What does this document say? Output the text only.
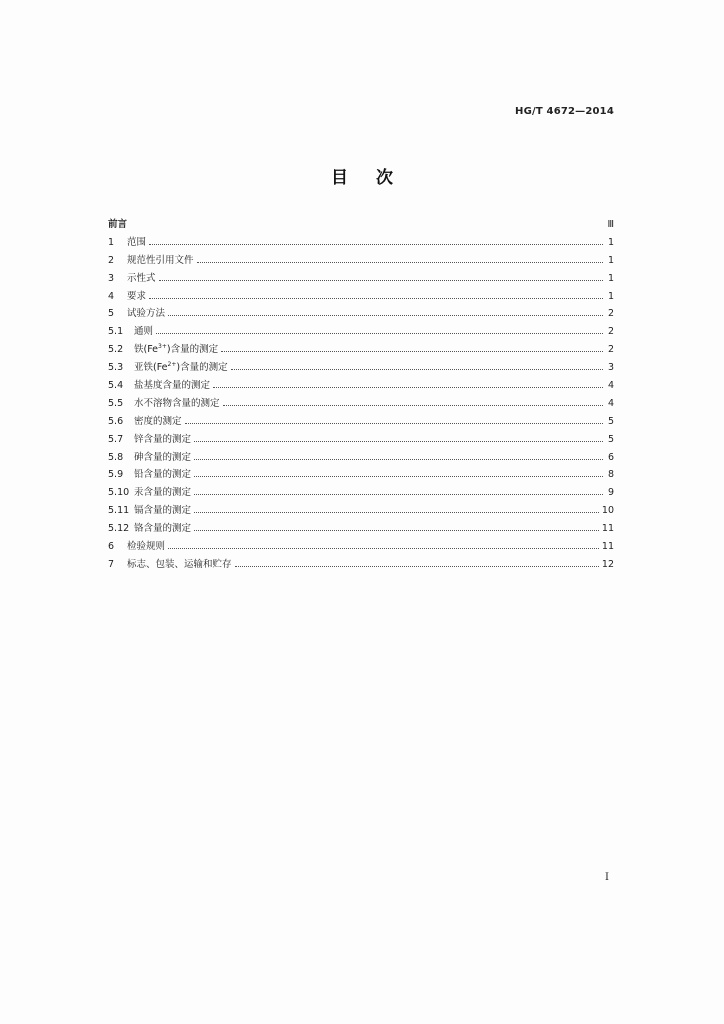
HG/T 4672—2014
目次
前言	Ⅲ
1	范围	1
2	规范性引用文件	1
3	示性式	1
4	要求	1
5	试验方法	2
5.1	通则	2
5.2	铁$(Fe^{3+})$含量的测定	2
5.3	亚铁$(Fe^{2+})$含量的测定	3
5.4	盐基度含量的测定	4
5.5	水不溶物含量的测定	4
5.6	密度的测定	5
5.7	锌含量的测定	5
5.8	砷含量的测定	6
5.9	铅含量的测定	8
5.10 汞含量的测定	9
5.11 镉含量的测定	10
5.12 铬含量的测定	11
6	检验规则	11
7	标志、包装、运输和贮存	12
Ⅰ
